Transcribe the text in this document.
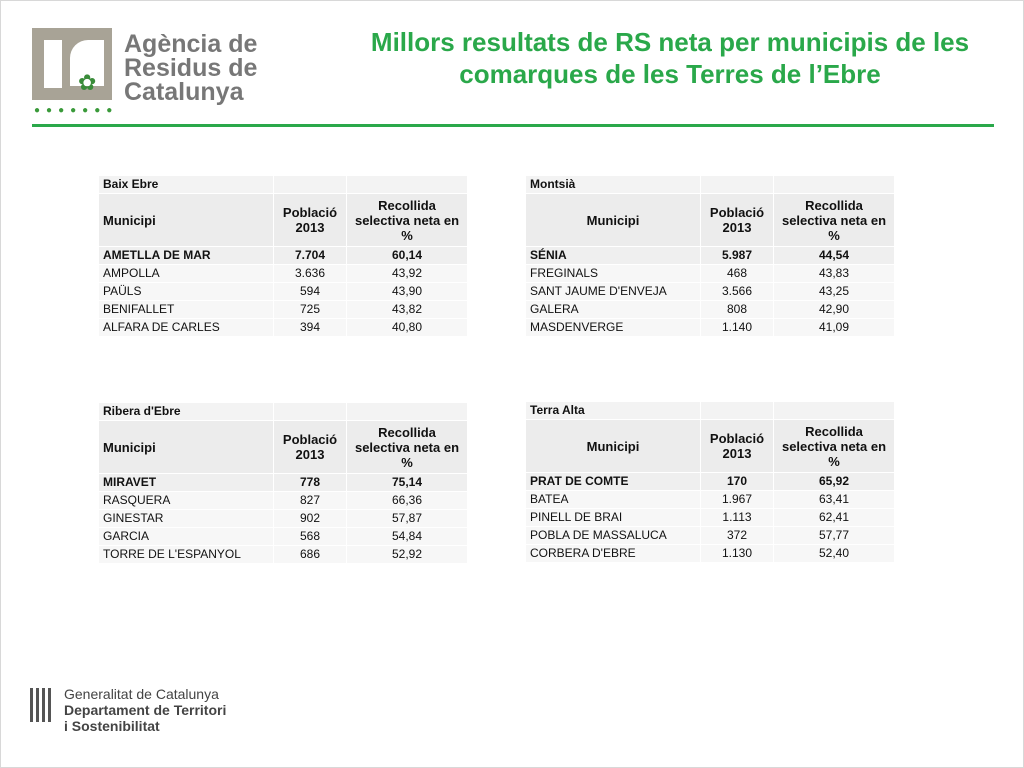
✿
●●●●●●●
Agència de
Residus de
Catalunya
Millors resultats de RS neta per municipis de les comarques de les Terres de l’Ebre
Baix Ebre		
Municipi	Població 2013	Recollida selectiva neta en %
AMETLLA DE MAR	7.704	60,14
AMPOLLA	3.636	43,92
PAÜLS	594	43,90
BENIFALLET	725	43,82
ALFARA DE CARLES	394	40,80
Montsià		
Municipi	Població 2013	Recollida selectiva neta en %
SÉNIA	5.987	44,54
FREGINALS	468	43,83
SANT JAUME D'ENVEJA	3.566	43,25
GALERA	808	42,90
MASDENVERGE	1.140	41,09
Ribera d'Ebre		
Municipi	Població 2013	Recollida selectiva neta en %
MIRAVET	778	75,14
RASQUERA	827	66,36
GINESTAR	902	57,87
GARCIA	568	54,84
TORRE DE L'ESPANYOL	686	52,92
Terra Alta		
Municipi	Població 2013	Recollida selectiva neta en %
PRAT DE COMTE	170	65,92
BATEA	1.967	63,41
PINELL DE BRAI	1.113	62,41
POBLA DE MASSALUCA	372	57,77
CORBERA D'EBRE	1.130	52,40
Generalitat de Catalunya
Departament de Territori
i Sostenibilitat
